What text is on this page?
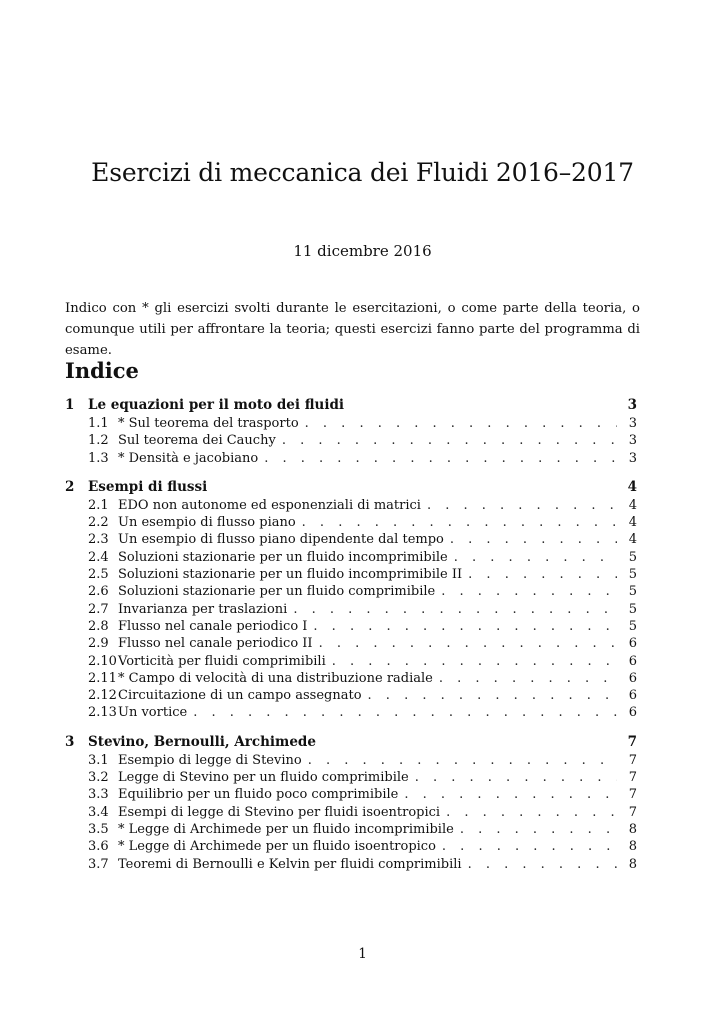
Esercizi di meccanica dei Fluidi 2016–2017
11 dicembre 2016
Indico con * gli esercizi svolti durante le esercitazioni, o come parte della teoria, o comunque utili per affrontare la teoria; questi esercizi fanno parte del programma di esame.
Indice
1	Le equazioni per il moto dei fluidi	3
1.1 * Sul teorema del trasporto . . .	3
1.2 Sul teorema dei Cauchy . . .	3
1.3 * Densità e jacobiano . . .	3
2	Esempi di flussi	4
2.1 EDO non autonome ed esponenziali di matrici . . .	4
2.2 Un esempio di flusso piano . . .	4
2.3 Un esempio di flusso piano dipendente dal tempo . . .	4
2.4 Soluzioni stazionarie per un fluido incomprimibile . . .	5
2.5 Soluzioni stazionarie per un fluido incomprimibile II . . .	5
2.6 Soluzioni stazionarie per un fluido comprimibile . . .	5
2.7 Invarianza per traslazioni . . .	5
2.8 Flusso nel canale periodico I . . .	5
2.9 Flusso nel canale periodico II . . .	6
2.10 Vorticità per fluidi comprimibili . . .	6
2.11 * Campo di velocità di una distribuzione radiale . . .	6
2.12 Circuitazione di un campo assegnato . . .	6
2.13 Un vortice . . .	6
3	Stevino, Bernoulli, Archimede	7
3.1 Esempio di legge di Stevino . . .	7
3.2 Legge di Stevino per un fluido comprimibile . . .	7
3.3 Equilibrio per un fluido poco comprimibile . . .	7
3.4 Esempi di legge di Stevino per fluidi isoentropici . . .	7
3.5 * Legge di Archimede per un fluido incomprimibile . . .	8
3.6 * Legge di Archimede per un fluido isoentropico . . .	8
3.7 Teoremi di Bernoulli e Kelvin per fluidi comprimibili . . .	8
1
